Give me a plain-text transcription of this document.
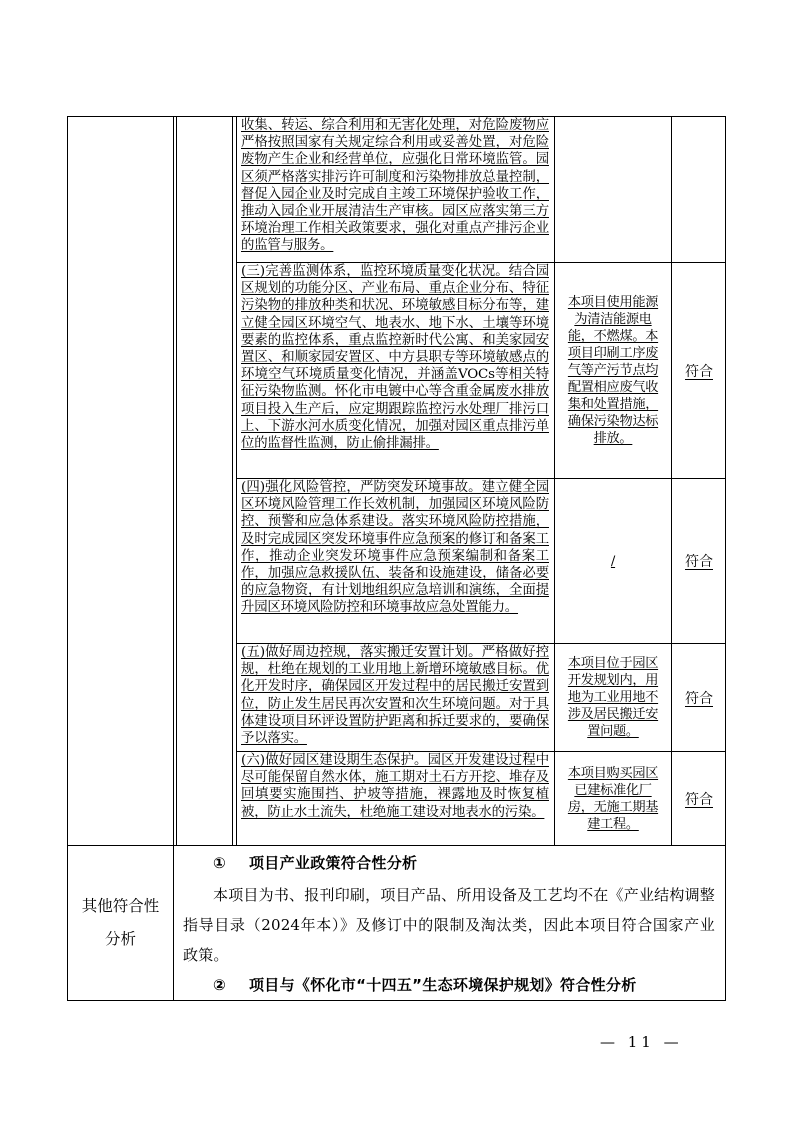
收集、转运、综合利用和无害化处理，对危险废物应严格按照国家有关规定综合利用或妥善处置，对危险废物产生企业和经营单位，应强化日常环境监管。园区须严格落实排污许可制度和污染物排放总量控制，督促入园企业及时完成自主竣工环境保护验收工作，推动入园企业开展清洁生产审核。园区应落实第三方环境治理工作相关政策要求，强化对重点产排污企业的监管与服务。
(三)完善监测体系，监控环境质量变化状况。结合园区规划的功能分区、产业布局、重点企业分布、特征污染物的排放种类和状况、环境敏感目标分布等，建立健全园区环境空气、地表水、地下水、土壤等环境要素的监控体系，重点监控新时代公寓、和美家园安置区、和顺家园安置区、中方县职专等环境敏感点的环境空气环境质量变化情况，并涵盖VOCs等相关特征污染物监测。怀化市电镀中心等含重金属废水排放项目投入生产后，应定期跟踪监控污水处理厂排污口上、下游水河水质变化情况，加强对园区重点排污单位的监督性监测，防止偷排漏排。
本项目使用能源为清洁能源电能，不燃煤。本项目印刷工序废气等产污节点均配置相应废气收集和处置措施，确保污染物达标排放。
符合
(四)强化风险管控，严防突发环境事故。建立健全园区环境风险管理工作长效机制，加强园区环境风险防控、预警和应急体系建设。落实环境风险防控措施，及时完成园区突发环境事件应急预案的修订和备案工作，推动企业突发环境事件应急预案编制和备案工作，加强应急救援队伍、装备和设施建设，储备必要的应急物资，有计划地组织应急培训和演练，全面提升园区环境风险防控和环境事故应急处置能力。
/	符合
(五)做好周边控规，落实搬迁安置计划。严格做好控规，杜绝在规划的工业用地上新增环境敏感目标。优化开发时序，确保园区开发过程中的居民搬迁安置到位，防止发生居民再次安置和次生环境问题。对于具体建设项目环评设置防护距离和拆迁要求的，要确保予以落实。
本项目位于园区开发规划内，用地为工业用地不涉及居民搬迁安置问题。
符合
(六)做好园区建设期生态保护。园区开发建设过程中尽可能保留自然水体，施工期对土石方开挖、堆存及回填要实施围挡、护坡等措施，裸露地及时恢复植被，防止水土流失，杜绝施工建设对地表水的污染。
本项目购买园区已建标准化厂房，无施工期基建工程。
符合
其他符合性分析
① 项目产业政策符合性分析
本项目为书、报刊印刷，项目产品、所用设备及工艺均不在《产业结构调整指导目录（2024年本）》及修订中的限制及淘汰类，因此本项目符合国家产业政策。
② 项目与《怀化市“十四五”生态环境保护规划》符合性分析
— 11 —
